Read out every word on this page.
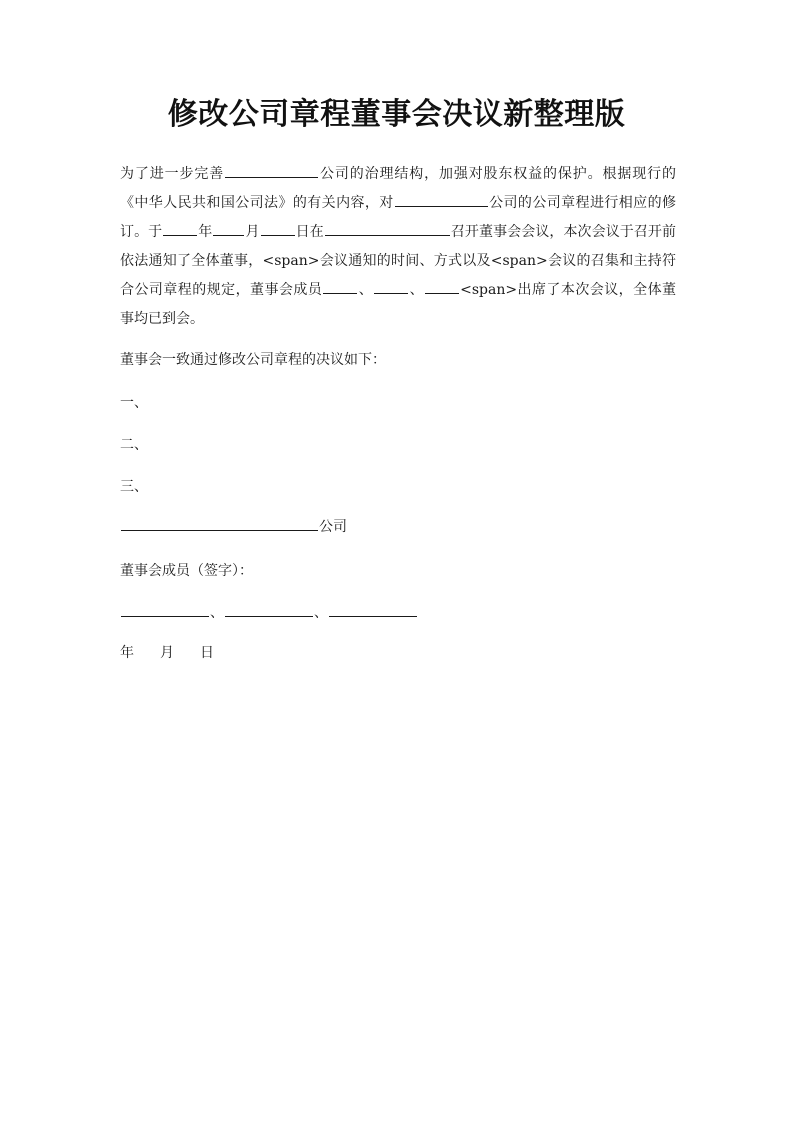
修改公司章程董事会决议新整理版

为了进一步完善	公司的治理结构，加强对股东权益的保护。根据现行的《中华人民共和国公司法》的有关内容，对	公司的公司章程进行相应的修订。于	年 月	日在	召开董事会会议，本次会议于召开前依法通知了全体董事，<span>会议通知的时间、方式以及<span>会议的召集和主持符合公司章程的规定，董事会成员	、	、	<span>出席了本次会议，全体董事均已到会。

董事会一致通过修改公司章程的决议如下：
一、
二、
三、
公司
董事会成员（签字）：
、	、
年 月 日
